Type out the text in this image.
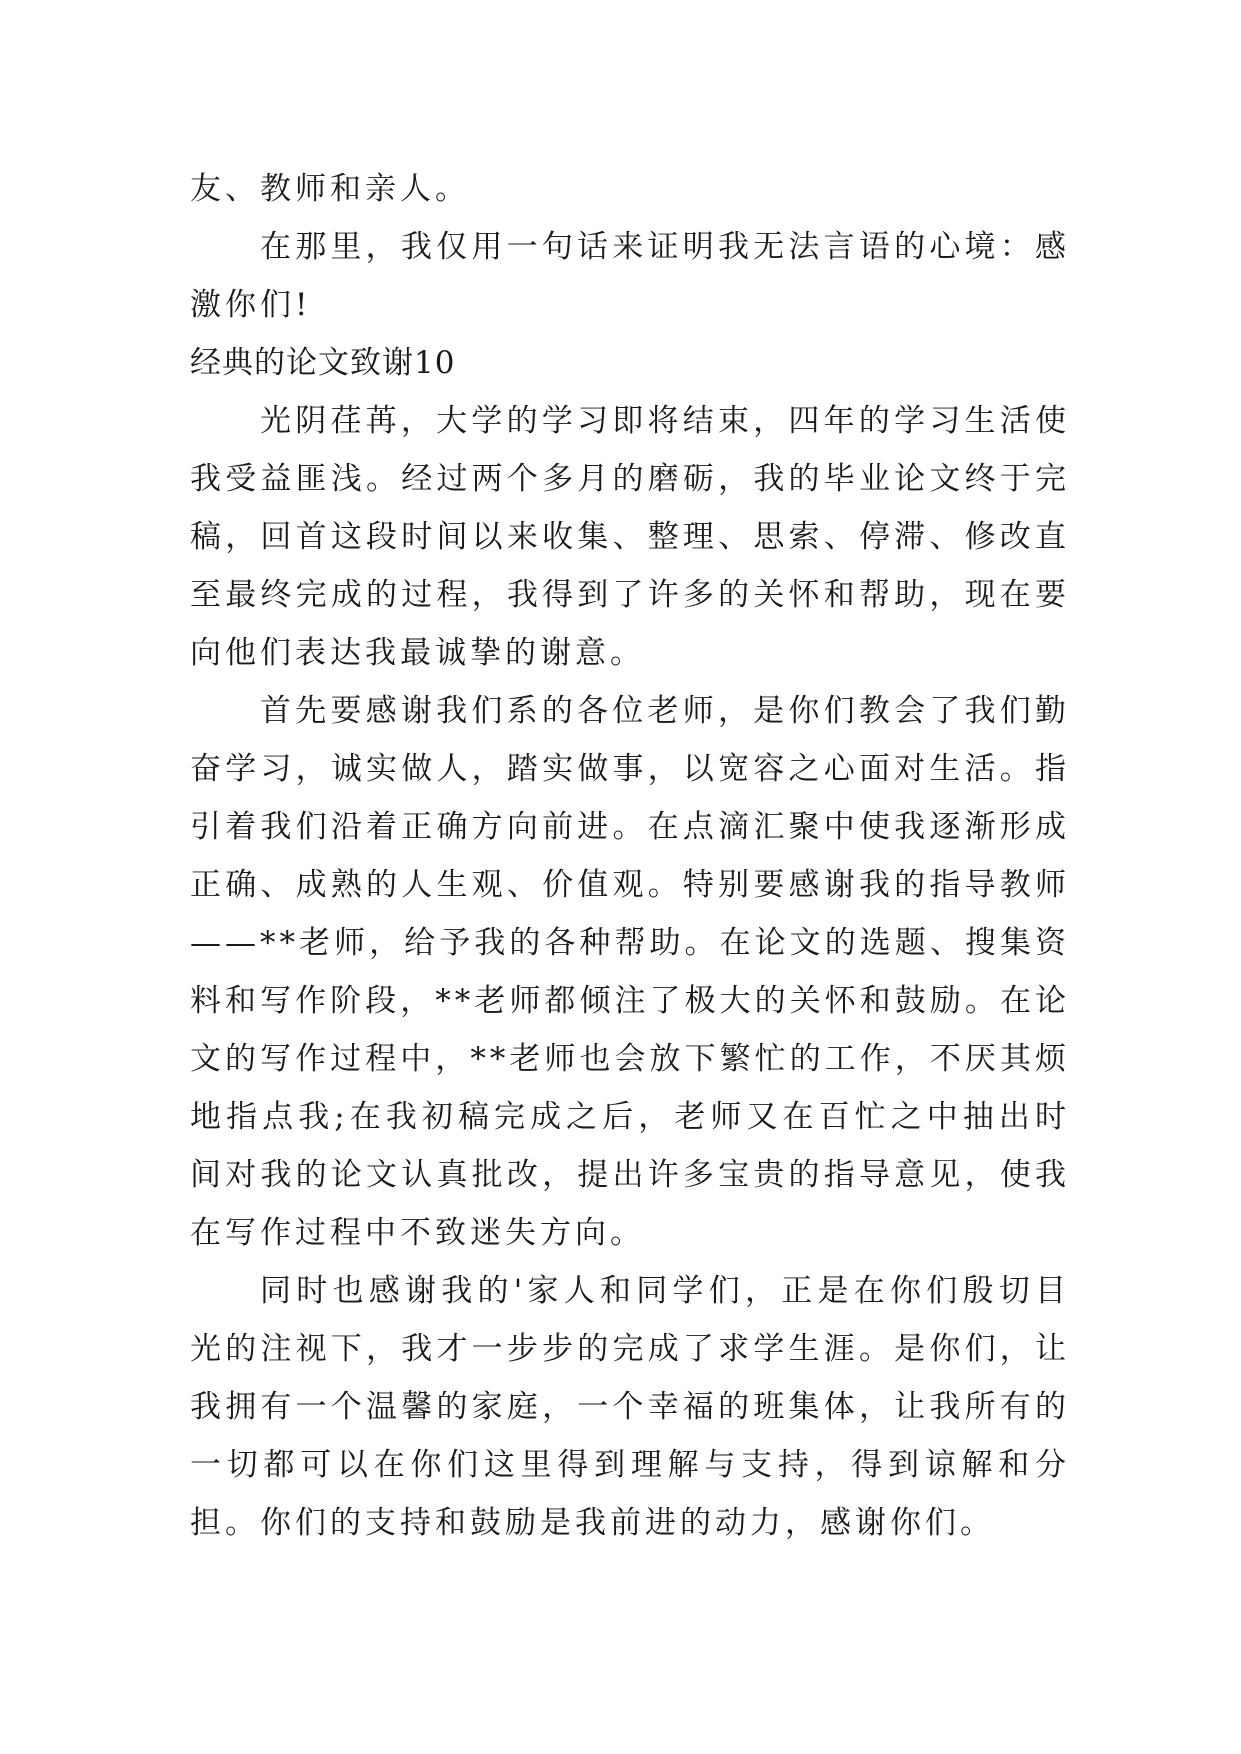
友、教师和亲人。

在那里，我仅用一句话来证明我无法言语的心境：感激你们!

经典的论文致谢10

光阴荏苒，大学的学习即将结束，四年的学习生活使我受益匪浅。经过两个多月的磨砺，我的毕业论文终于完稿，回首这段时间以来收集、整理、思索、停滞、修改直至最终完成的过程，我得到了许多的关怀和帮助，现在要向他们表达我最诚挚的谢意。

首先要感谢我们系的各位老师，是你们教会了我们勤奋学习，诚实做人，踏实做事，以宽容之心面对生活。指引着我们沿着正确方向前进。在点滴汇聚中使我逐渐形成正确、成熟的人生观、价值观。特别要感谢我的指导教师——**老师，给予我的各种帮助。在论文的选题、搜集资料和写作阶段，**老师都倾注了极大的关怀和鼓励。在论文的写作过程中，**老师也会放下繁忙的工作，不厌其烦地指点我;在我初稿完成之后，老师又在百忙之中抽出时间对我的论文认真批改，提出许多宝贵的指导意见，使我在写作过程中不致迷失方向。

同时也感谢我的'家人和同学们，正是在你们殷切目光的注视下，我才一步步的完成了求学生涯。是你们，让我拥有一个温馨的家庭，一个幸福的班集体，让我所有的一切都可以在你们这里得到理解与支持，得到谅解和分担。你们的支持和鼓励是我前进的动力，感谢你们。
